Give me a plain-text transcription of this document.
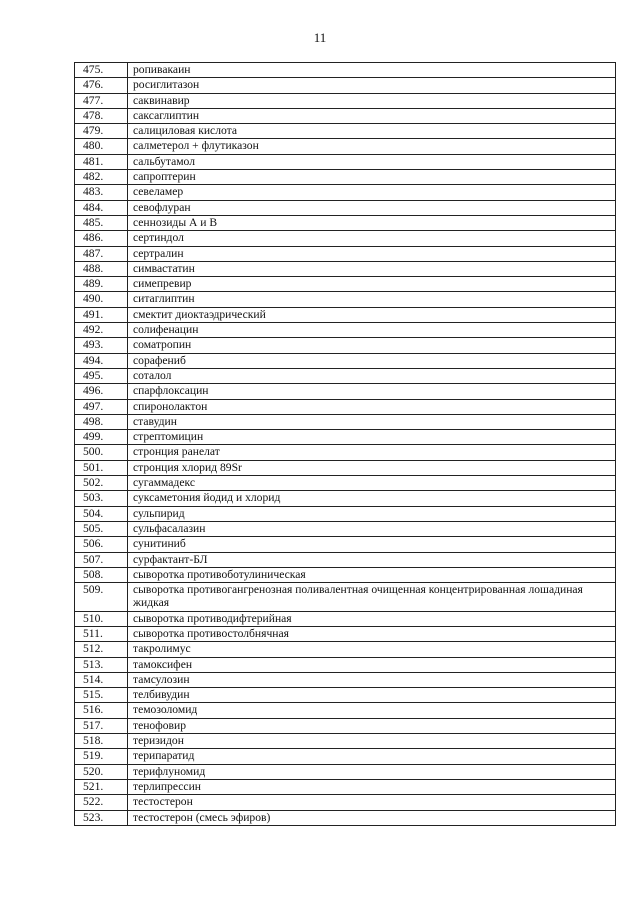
11
475.	ропивакаин
476.	росиглитазон
477.	саквинавир
478.	саксаглиптин
479.	салициловая кислота
480.	салметерол + флутиказон
481.	сальбутамол
482.	сапроптерин
483.	севеламер
484.	севофлуран
485.	сеннозиды А и В
486.	сертиндол
487.	сертралин
488.	симвастатин
489.	симепревир
490.	ситаглиптин
491.	смектит диоктаэдрический
492.	солифенацин
493.	соматропин
494.	сорафениб
495.	соталол
496.	спарфлоксацин
497.	спиронолактон
498.	ставудин
499.	стрептомицин
500.	стронция ранелат
501.	стронция хлорид 89Sr
502.	сугаммадекс
503.	суксаметония йодид и хлорид
504.	сульпирид
505.	сульфасалазин
506.	сунитиниб
507.	сурфактант-БЛ
508.	сыворотка противоботулиническая
509.	сыворотка противогангренозная поливалентная очищенная концентрированная лошадиная жидкая
510.	сыворотка противодифтерийная
511.	сыворотка противостолбнячная
512.	такролимус
513.	тамоксифен
514.	тамсулозин
515.	телбивудин
516.	темозоломид
517.	тенофовир
518.	теризидон
519.	терипаратид
520.	терифлуномид
521.	терлипрессин
522.	тестостерон
523.	тестостерон (смесь эфиров)
